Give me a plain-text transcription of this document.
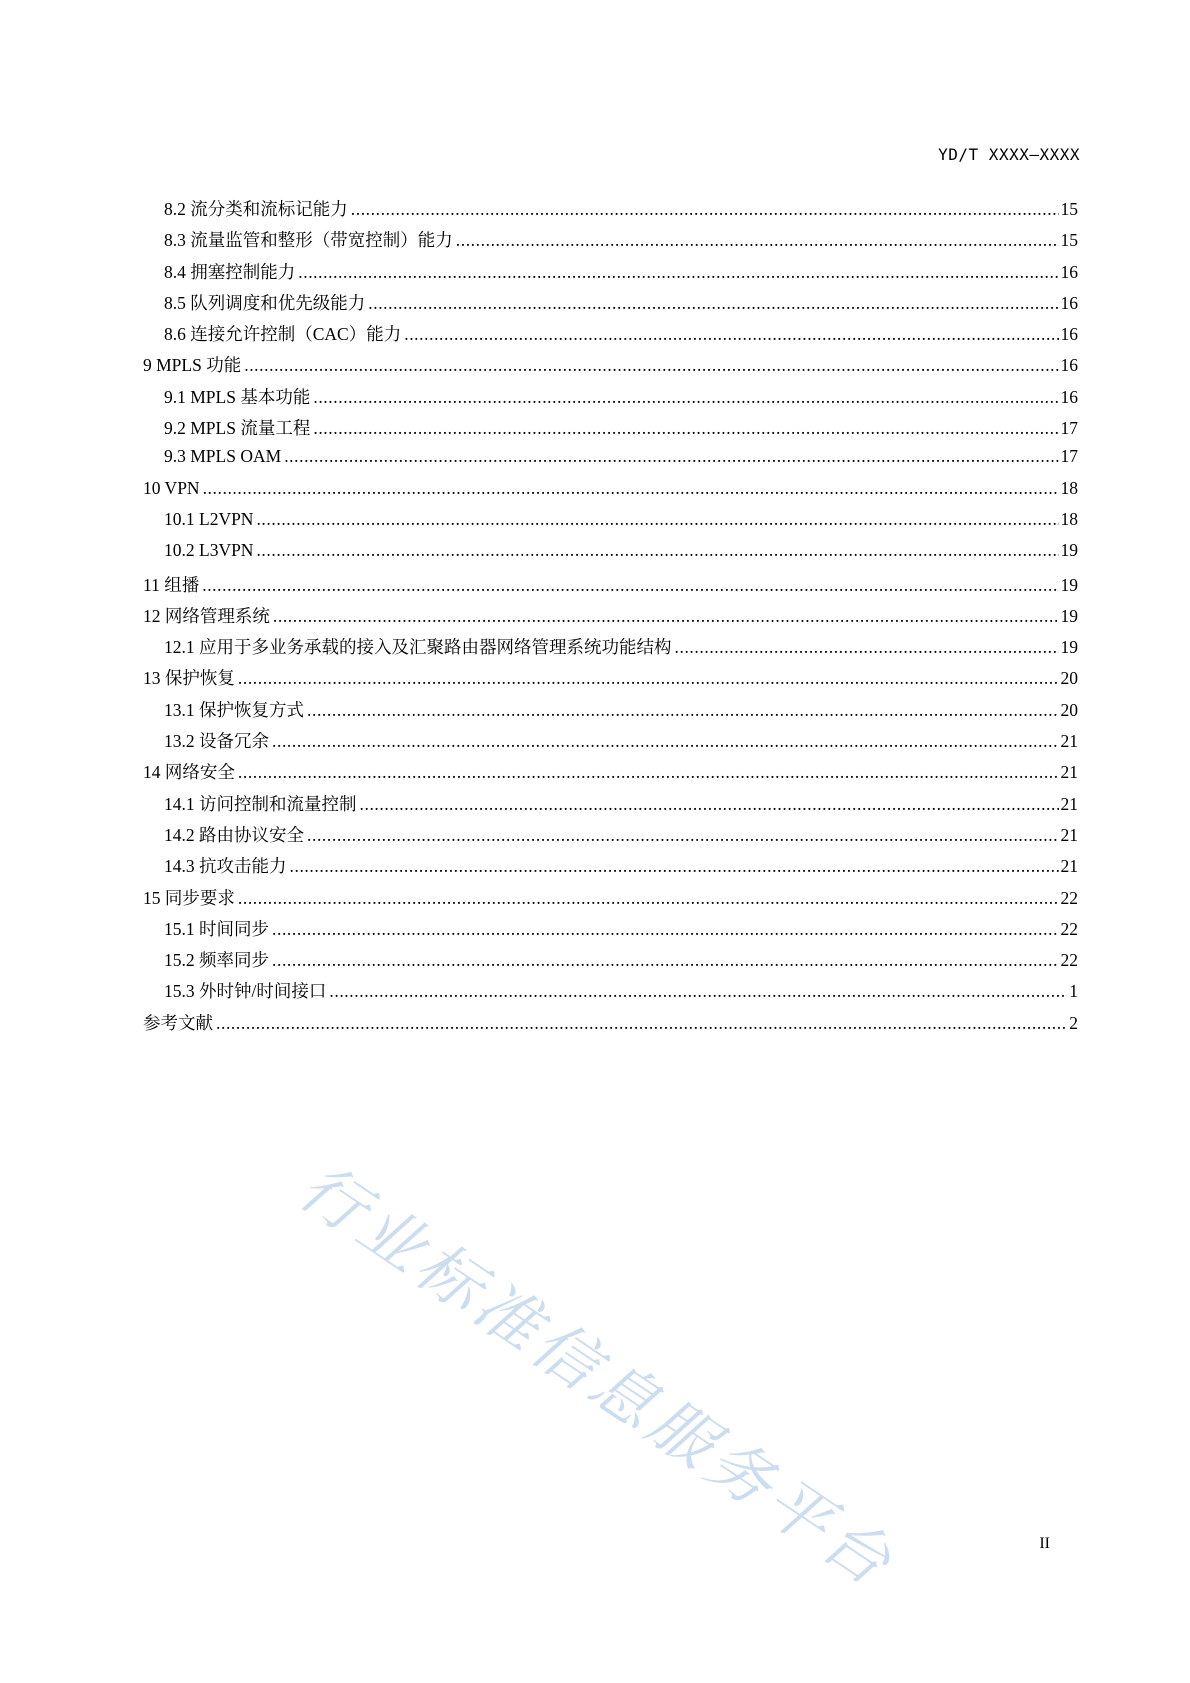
YD/T XXXX—XXXX
8.2 流分类和流标记能力 .....	15
8.3 流量监管和整形（带宽控制）能力 .....	15
8.4 拥塞控制能力 .....	16
8.5 队列调度和优先级能力 .....	16
8.6 连接允许控制（CAC）能力 .....	16
9 MPLS 功能 .....	16
9.1 MPLS 基本功能 .....	16
9.2 MPLS 流量工程 .....	17
9.3 MPLS OAM .....	17
10 VPN .....	18
10.1 L2VPN .....	18
10.2 L3VPN .....	19
11 组播 .....	19
12 网络管理系统 .....	19
12.1 应用于多业务承载的接入及汇聚路由器网络管理系统功能结构 .....	19
13 保护恢复 .....	20
13.1 保护恢复方式 .....	20
13.2 设备冗余 .....	21
14 网络安全 .....	21
14.1 访问控制和流量控制 .....	21
14.2 路由协议安全 .....	21
14.3 抗攻击能力 .....	21
15 同步要求 .....	22
15.1 时间同步 .....	22
15.2 频率同步 .....	22
15.3 外时钟/时间接口 .....	1
参考文献 .....	2
行业标准信息服务平台	II
